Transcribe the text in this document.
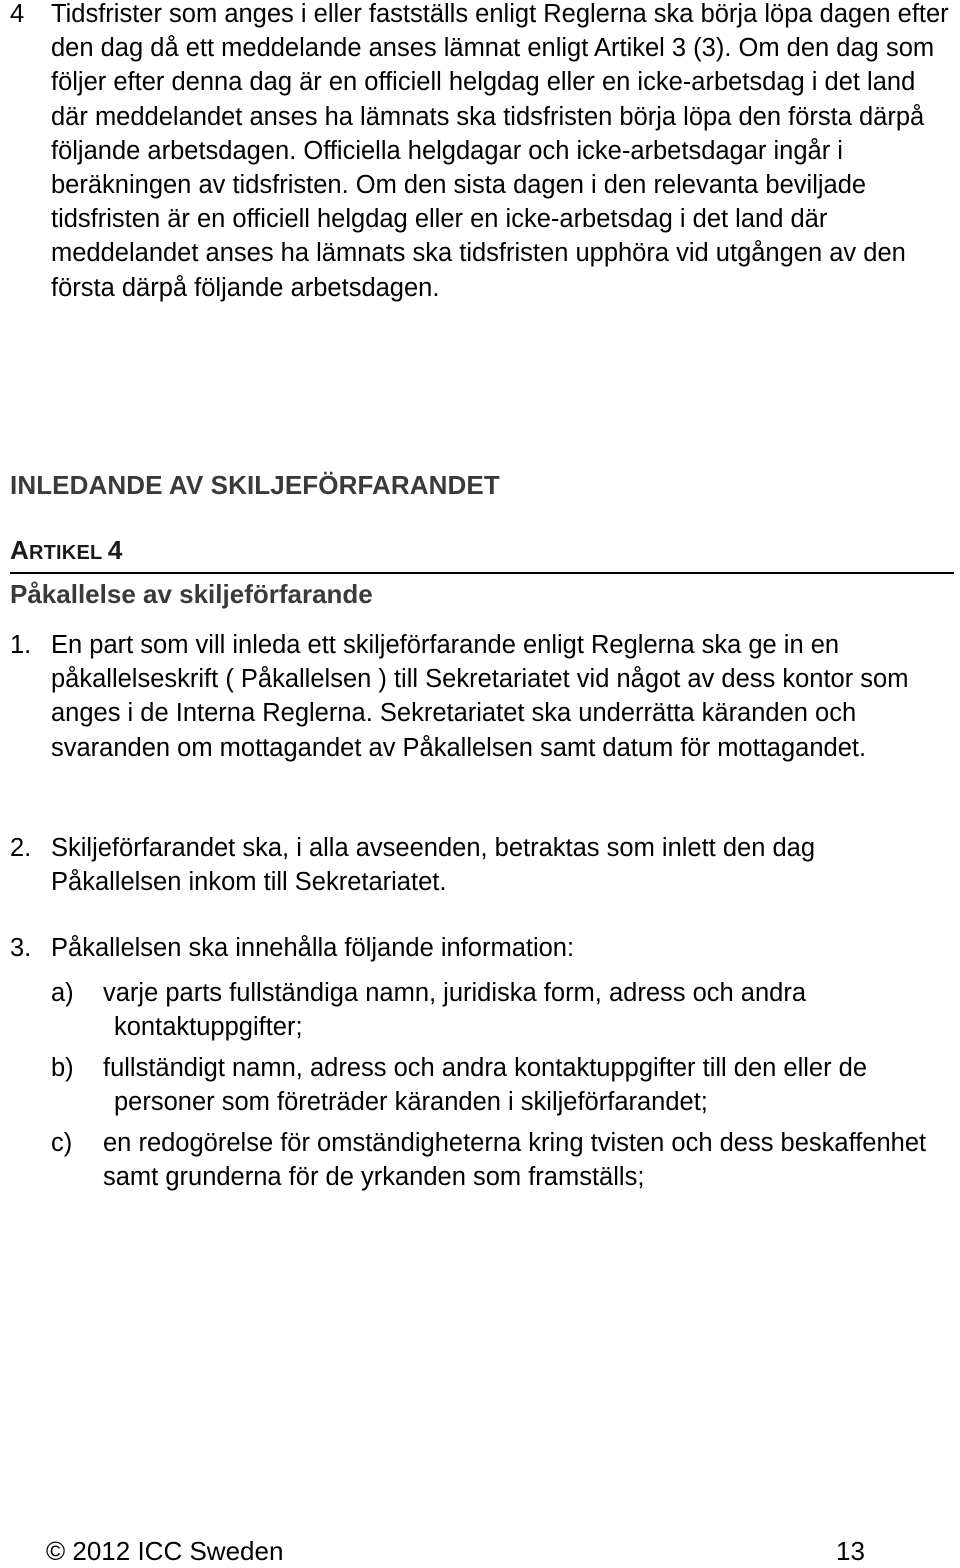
4 Tidsfrister som anges i eller fastställs enligt Reglerna ska börja löpa dagen efter den dag då ett meddelande anses lämnat enligt Artikel 3 (3). Om den dag som följer efter denna dag är en officiell helgdag eller en icke-arbetsdag i det land där meddelandet anses ha lämnats ska tidsfristen börja löpa den första därpå följande arbetsdagen. Officiella helgdagar och icke-arbetsdagar ingår i beräkningen av tidsfristen. Om den sista dagen i den relevanta beviljade tidsfristen är en officiell helgdag eller en icke-arbetsdag i det land där meddelandet anses ha lämnats ska tidsfristen upphöra vid utgången av den första därpå följande arbetsdagen.
INLEDANDE AV SKILJEFÖRFARANDET
ARTIKEL 4
Påkallelse av skiljeförfarande
1. En part som vill inleda ett skiljeförfarande enligt Reglerna ska ge in en påkallelseskrift ( Påkallelsen ) till Sekretariatet vid något av dess kontor som anges i de Interna Reglerna. Sekretariatet ska underrätta käranden och svaranden om mottagandet av Påkallelsen samt datum för mottagandet.
2. Skiljeförfarandet ska, i alla avseenden, betraktas som inlett den dag Påkallelsen inkom till Sekretariatet.
3. Påkallelsen ska innehålla följande information:
a) varje parts fullständiga namn, juridiska form, adress och andra kontaktuppgifter;
b) fullständigt namn, adress och andra kontaktuppgifter till den eller de personer som företräder käranden i skiljeförfarandet;
c) en redogörelse för omständigheterna kring tvisten och dess beskaffenhet samt grunderna för de yrkanden som framställs;
© 2012 ICC Sweden	13
